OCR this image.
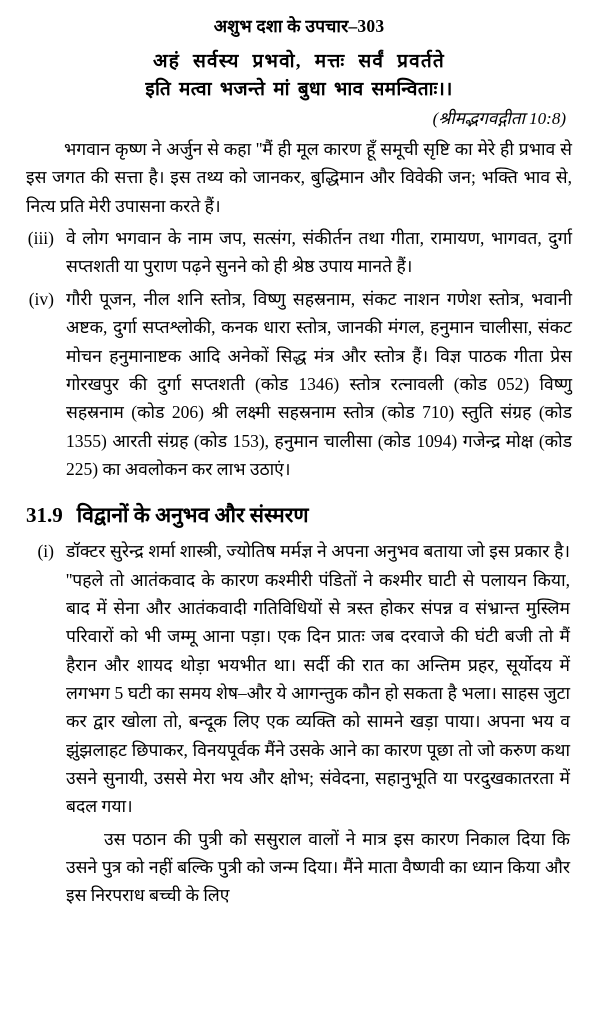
अशुभ दशा के उपचार–303
अहं सर्वस्य प्रभवो, मत्तः सर्वं प्रवर्तते
इति मत्वा भजन्ते मां बुधा भाव समन्विताः।।
(श्रीमद्भगवद्गीता 10:8)

भगवान कृष्ण ने अर्जुन से कहा ''मैं ही मूल कारण हूँ समूची सृष्टि का मेरे ही प्रभाव से इस जगत की सत्ता है। इस तथ्य को जानकर, बुद्धिमान और विवेकी जन; भक्ति भाव से, नित्य प्रति मेरी उपासना करते हैं।

(iii) वे लोग भगवान के नाम जप, सत्संग, संकीर्तन तथा गीता, रामायण, भागवत, दुर्गा सप्तशती या पुराण पढ़ने सुनने को ही श्रेष्ठ उपाय मानते हैं।
(iv) गौरी पूजन, नील शनि स्तोत्र, विष्णु सहस्रनाम, संकट नाशन गणेश स्तोत्र, भवानी अष्टक, दुर्गा सप्तश्लोकी, कनक धारा स्तोत्र, जानकी मंगल, हनुमान चालीसा, संकट मोचन हनुमानाष्टक आदि अनेकों सिद्ध मंत्र और स्तोत्र हैं। विज्ञ पाठक गीता प्रेस गोरखपुर की दुर्गा सप्तशती (कोड 1346) स्तोत्र रत्नावली (कोड 052) विष्णु सहस्रनाम (कोड 206) श्री लक्ष्मी सहस्रनाम स्तोत्र (कोड 710) स्तुति संग्रह (कोड 1355) आरती संग्रह (कोड 153), हनुमान चालीसा (कोड 1094) गजेन्द्र मोक्ष (कोड 225) का अवलोकन कर लाभ उठाएं।
31.9 विद्वानों के अनुभव और संस्मरण
(i) डॉक्टर सुरेन्द्र शर्मा शास्त्री, ज्योतिष मर्मज्ञ ने अपना अनुभव बताया जो इस प्रकार है। ''पहले तो आतंकवाद के कारण कश्मीरी पंडितों ने कश्मीर घाटी से पलायन किया, बाद में सेना और आतंकवादी गतिविधियों से त्रस्त होकर संपन्न व संभ्रान्त मुस्लिम परिवारों को भी जम्मू आना पड़ा। एक दिन प्रातः जब दरवाजे की घंटी बजी तो मैं हैरान और शायद थोड़ा भयभीत था। सर्दी की रात का अन्तिम प्रहर, सूर्योदय में लगभग 5 घटी का समय शेष–और ये आगन्तुक कौन हो सकता है भला। साहस जुटा कर द्वार खोला तो, बन्दूक लिए एक व्यक्ति को सामने खड़ा पाया। अपना भय व झुंझलाहट छिपाकर, विनयपूर्वक मैंने उसके आने का कारण पूछा तो जो करुण कथा उसने सुनायी, उससे मेरा भय और क्षोभ; संवेदना, सहानुभूति या परदुखकातरता में बदल गया।

उस पठान की पुत्री को ससुराल वालों ने मात्र इस कारण निकाल दिया कि उसने पुत्र को नहीं बल्कि पुत्री को जन्म दिया। मैंने माता वैष्णवी का ध्यान किया और इस निरपराध बच्ची के लिए
